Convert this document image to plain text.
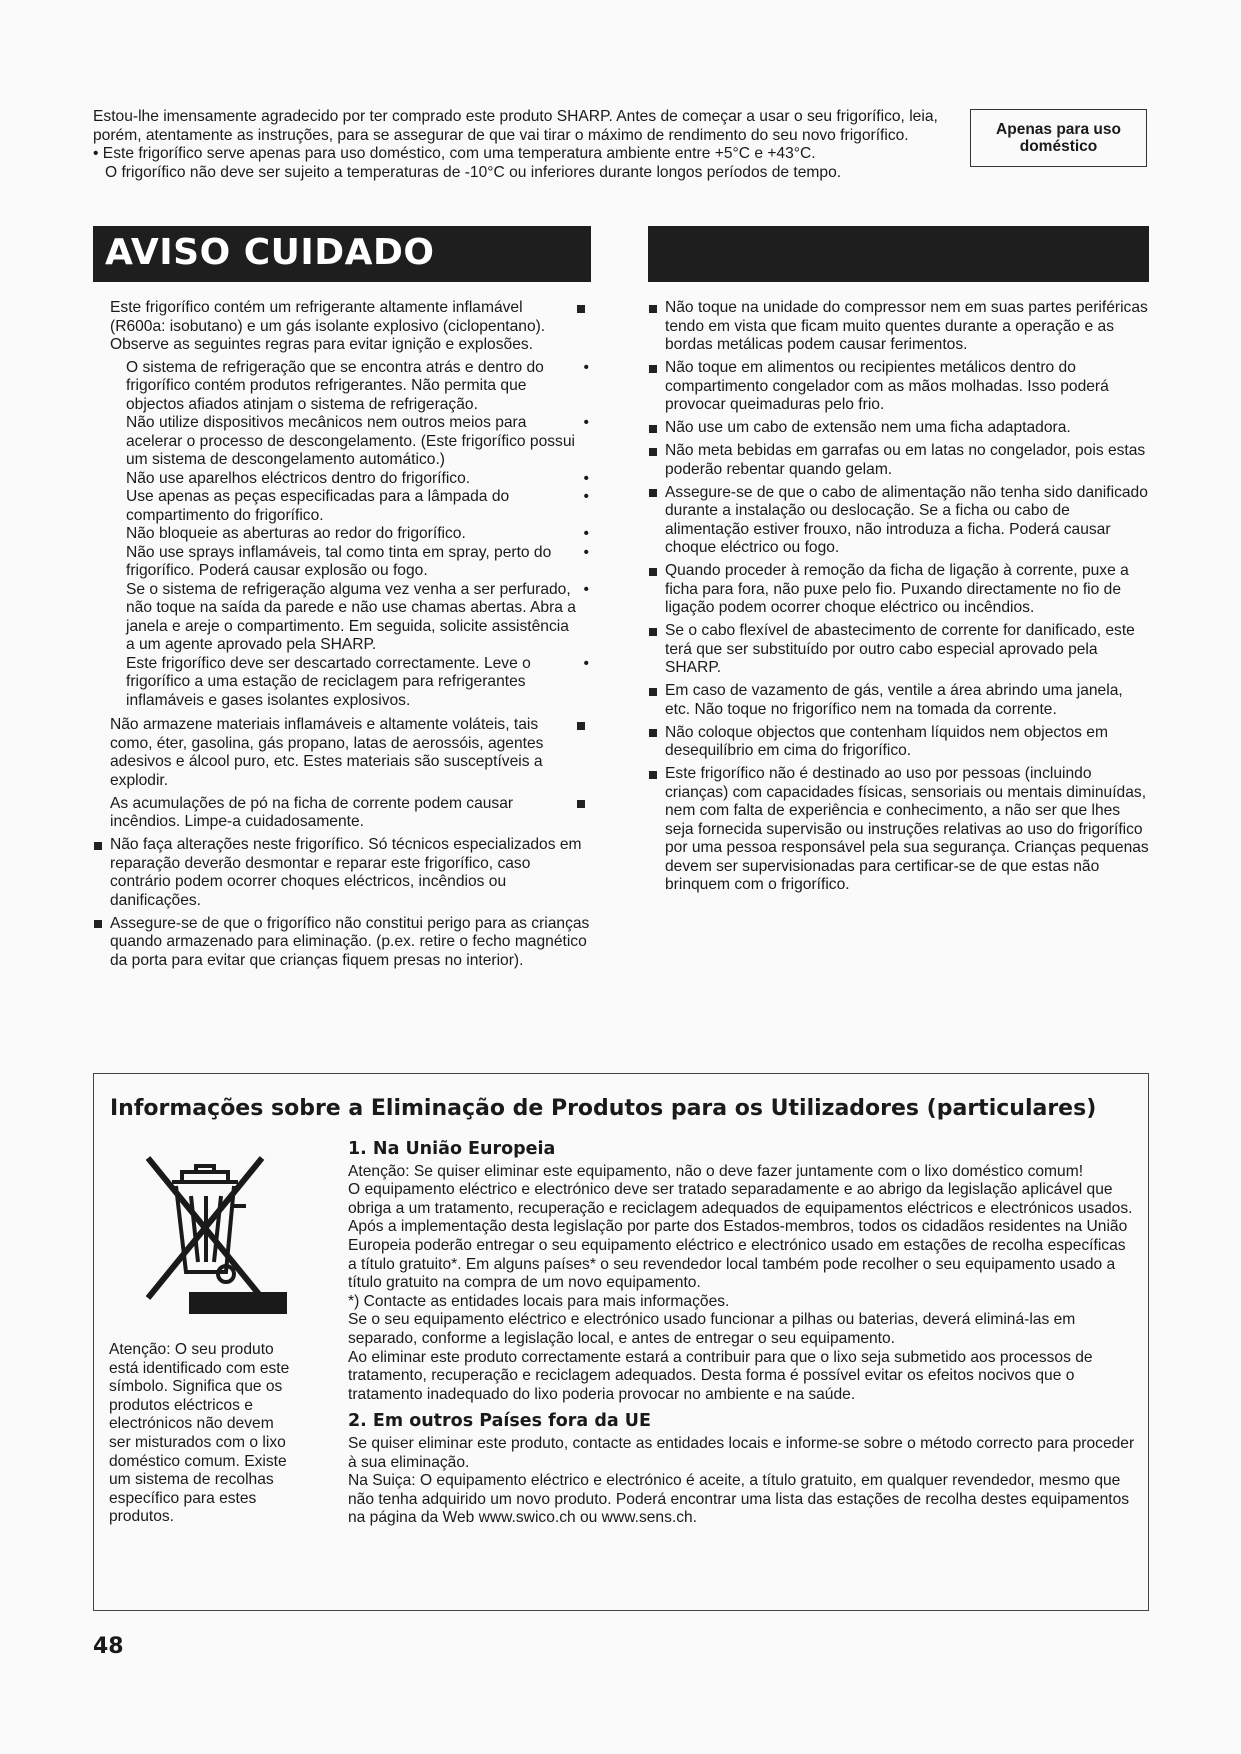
Estou-lhe imensamente agradecido por ter comprado este produto SHARP. Antes de começar a usar o seu frigorífico, leia, porém, atentamente as instruções, para se assegurar de que vai tirar o máximo de rendimento do seu novo frigorífico.

• Este frigorífico serve apenas para uso doméstico, com uma temperatura ambiente entre +5°C e +43°C.

O frigorífico não deve ser sujeito a temperaturas de -10°C ou inferiores durante longos períodos de tempo.

Apenas para uso doméstico
AVISO CUIDADO
Este frigorífico contém um refrigerante altamente inflamável (R600a: isobutano) e um gás isolante explosivo (ciclopentano). Observe as seguintes regras para evitar ignição e explosões.
O sistema de refrigeração que se encontra atrás e dentro do frigorífico contém produtos refrigerantes. Não permita que objectos afiados atinjam o sistema de refrigeração.
•
Não utilize dispositivos mecânicos nem outros meios para acelerar o processo de descongelamento. (Este frigorífico possui um sistema de descongelamento automático.)
•
Não use aparelhos eléctricos dentro do frigorífico.	•
Use apenas as peças especificadas para a lâmpada do compartimento do frigorífico.
•
Não bloqueie as aberturas ao redor do frigorífico.	•
Não use sprays inflamáveis, tal como tinta em spray, perto do frigorífico. Poderá causar explosão ou fogo.
•
Se o sistema de refrigeração alguma vez venha a ser perfurado, não toque na saída da parede e não use chamas abertas. Abra a janela e areje o compartimento. Em seguida, solicite assistência a um agente aprovado pela SHARP.
•
Este frigorífico deve ser descartado correctamente. Leve o frigorífico a uma estação de reciclagem para refrigerantes inflamáveis e gases isolantes explosivos.
•
Não armazene materiais inflamáveis e altamente voláteis, tais como, éter, gasolina, gás propano, latas de aerossóis, agentes adesivos e álcool puro, etc. Estes materiais são susceptíveis a explodir.
As acumulações de pó na ficha de corrente podem causar incêndios. Limpe-a cuidadosamente.
Não faça alterações neste frigorífico. Só técnicos especializados em reparação deverão desmontar e reparar este frigorífico, caso contrário podem ocorrer choques eléctricos, incêndios ou danificações.
Assegure-se de que o frigorífico não constitui perigo para as crianças quando armazenado para eliminação. (p.ex. retire o fecho magnético da porta para evitar que crianças fiquem presas no interior).
Não toque na unidade do compressor nem em suas partes periféricas tendo em vista que ficam muito quentes durante a operação e as bordas metálicas podem causar ferimentos.
Não toque em alimentos ou recipientes metálicos dentro do compartimento congelador com as mãos molhadas. Isso poderá provocar queimaduras pelo frio.
Não use um cabo de extensão nem uma ficha adaptadora.
Não meta bebidas em garrafas ou em latas no congelador, pois estas poderão rebentar quando gelam.
Assegure-se de que o cabo de alimentação não tenha sido danificado durante a instalação ou deslocação. Se a ficha ou cabo de alimentação estiver frouxo, não introduza a ficha. Poderá causar choque eléctrico ou fogo.
Quando proceder à remoção da ficha de ligação à corrente, puxe a ficha para fora, não puxe pelo fio. Puxando directamente no fio de ligação podem ocorrer choque eléctrico ou incêndios.
Se o cabo flexível de abastecimento de corrente for danificado, este terá que ser substituído por outro cabo especial aprovado pela SHARP.
Em caso de vazamento de gás, ventile a área abrindo uma janela, etc. Não toque no frigorífico nem na tomada da corrente.
Não coloque objectos que contenham líquidos nem objectos em desequilíbrio em cima do frigorífico.
Este frigorífico não é destinado ao uso por pessoas (incluindo crianças) com capacidades físicas, sensoriais ou mentais diminuídas, nem com falta de experiência e conhecimento, a não ser que lhes seja fornecida supervisão ou instruções relativas ao uso do frigorífico por uma pessoa responsável pela sua segurança. Crianças pequenas devem ser supervisionadas para certificar-se de que estas não brinquem com o frigorífico.
Informações sobre a Eliminação de Produtos para os Utilizadores (particulares)

Atenção: O seu produto está identificado com este símbolo. Significa que os produtos eléctricos e electrónicos não devem ser misturados com o lixo doméstico comum. Existe um sistema de recolhas específico para estes produtos.

1. Na União Europeia

Atenção: Se quiser eliminar este equipamento, não o deve fazer juntamente com o lixo doméstico comum!

O equipamento eléctrico e electrónico deve ser tratado separadamente e ao abrigo da legislação aplicável que obriga a um tratamento, recuperação e reciclagem adequados de equipamentos eléctricos e electrónicos usados.

Após a implementação desta legislação por parte dos Estados-membros, todos os cidadãos residentes na União Europeia poderão entregar o seu equipamento eléctrico e electrónico usado em estações de recolha específicas a título gratuito*. Em alguns países* o seu revendedor local também pode recolher o seu equipamento usado a título gratuito na compra de um novo equipamento.

*) Contacte as entidades locais para mais informações.

Se o seu equipamento eléctrico e electrónico usado funcionar a pilhas ou baterias, deverá eliminá-las em separado, conforme a legislação local, e antes de entregar o seu equipamento.

Ao eliminar este produto correctamente estará a contribuir para que o lixo seja submetido aos processos de tratamento, recuperação e reciclagem adequados. Desta forma é possível evitar os efeitos nocivos que o tratamento inadequado do lixo poderia provocar no ambiente e na saúde.

2. Em outros Países fora da UE

Se quiser eliminar este produto, contacte as entidades locais e informe-se sobre o método correcto para proceder à sua eliminação.

Na Suiça: O equipamento eléctrico e electrónico é aceite, a título gratuito, em qualquer revendedor, mesmo que não tenha adquirido um novo produto. Poderá encontrar uma lista das estações de recolha destes equipamentos na página da Web www.swico.ch ou www.sens.ch.

48
